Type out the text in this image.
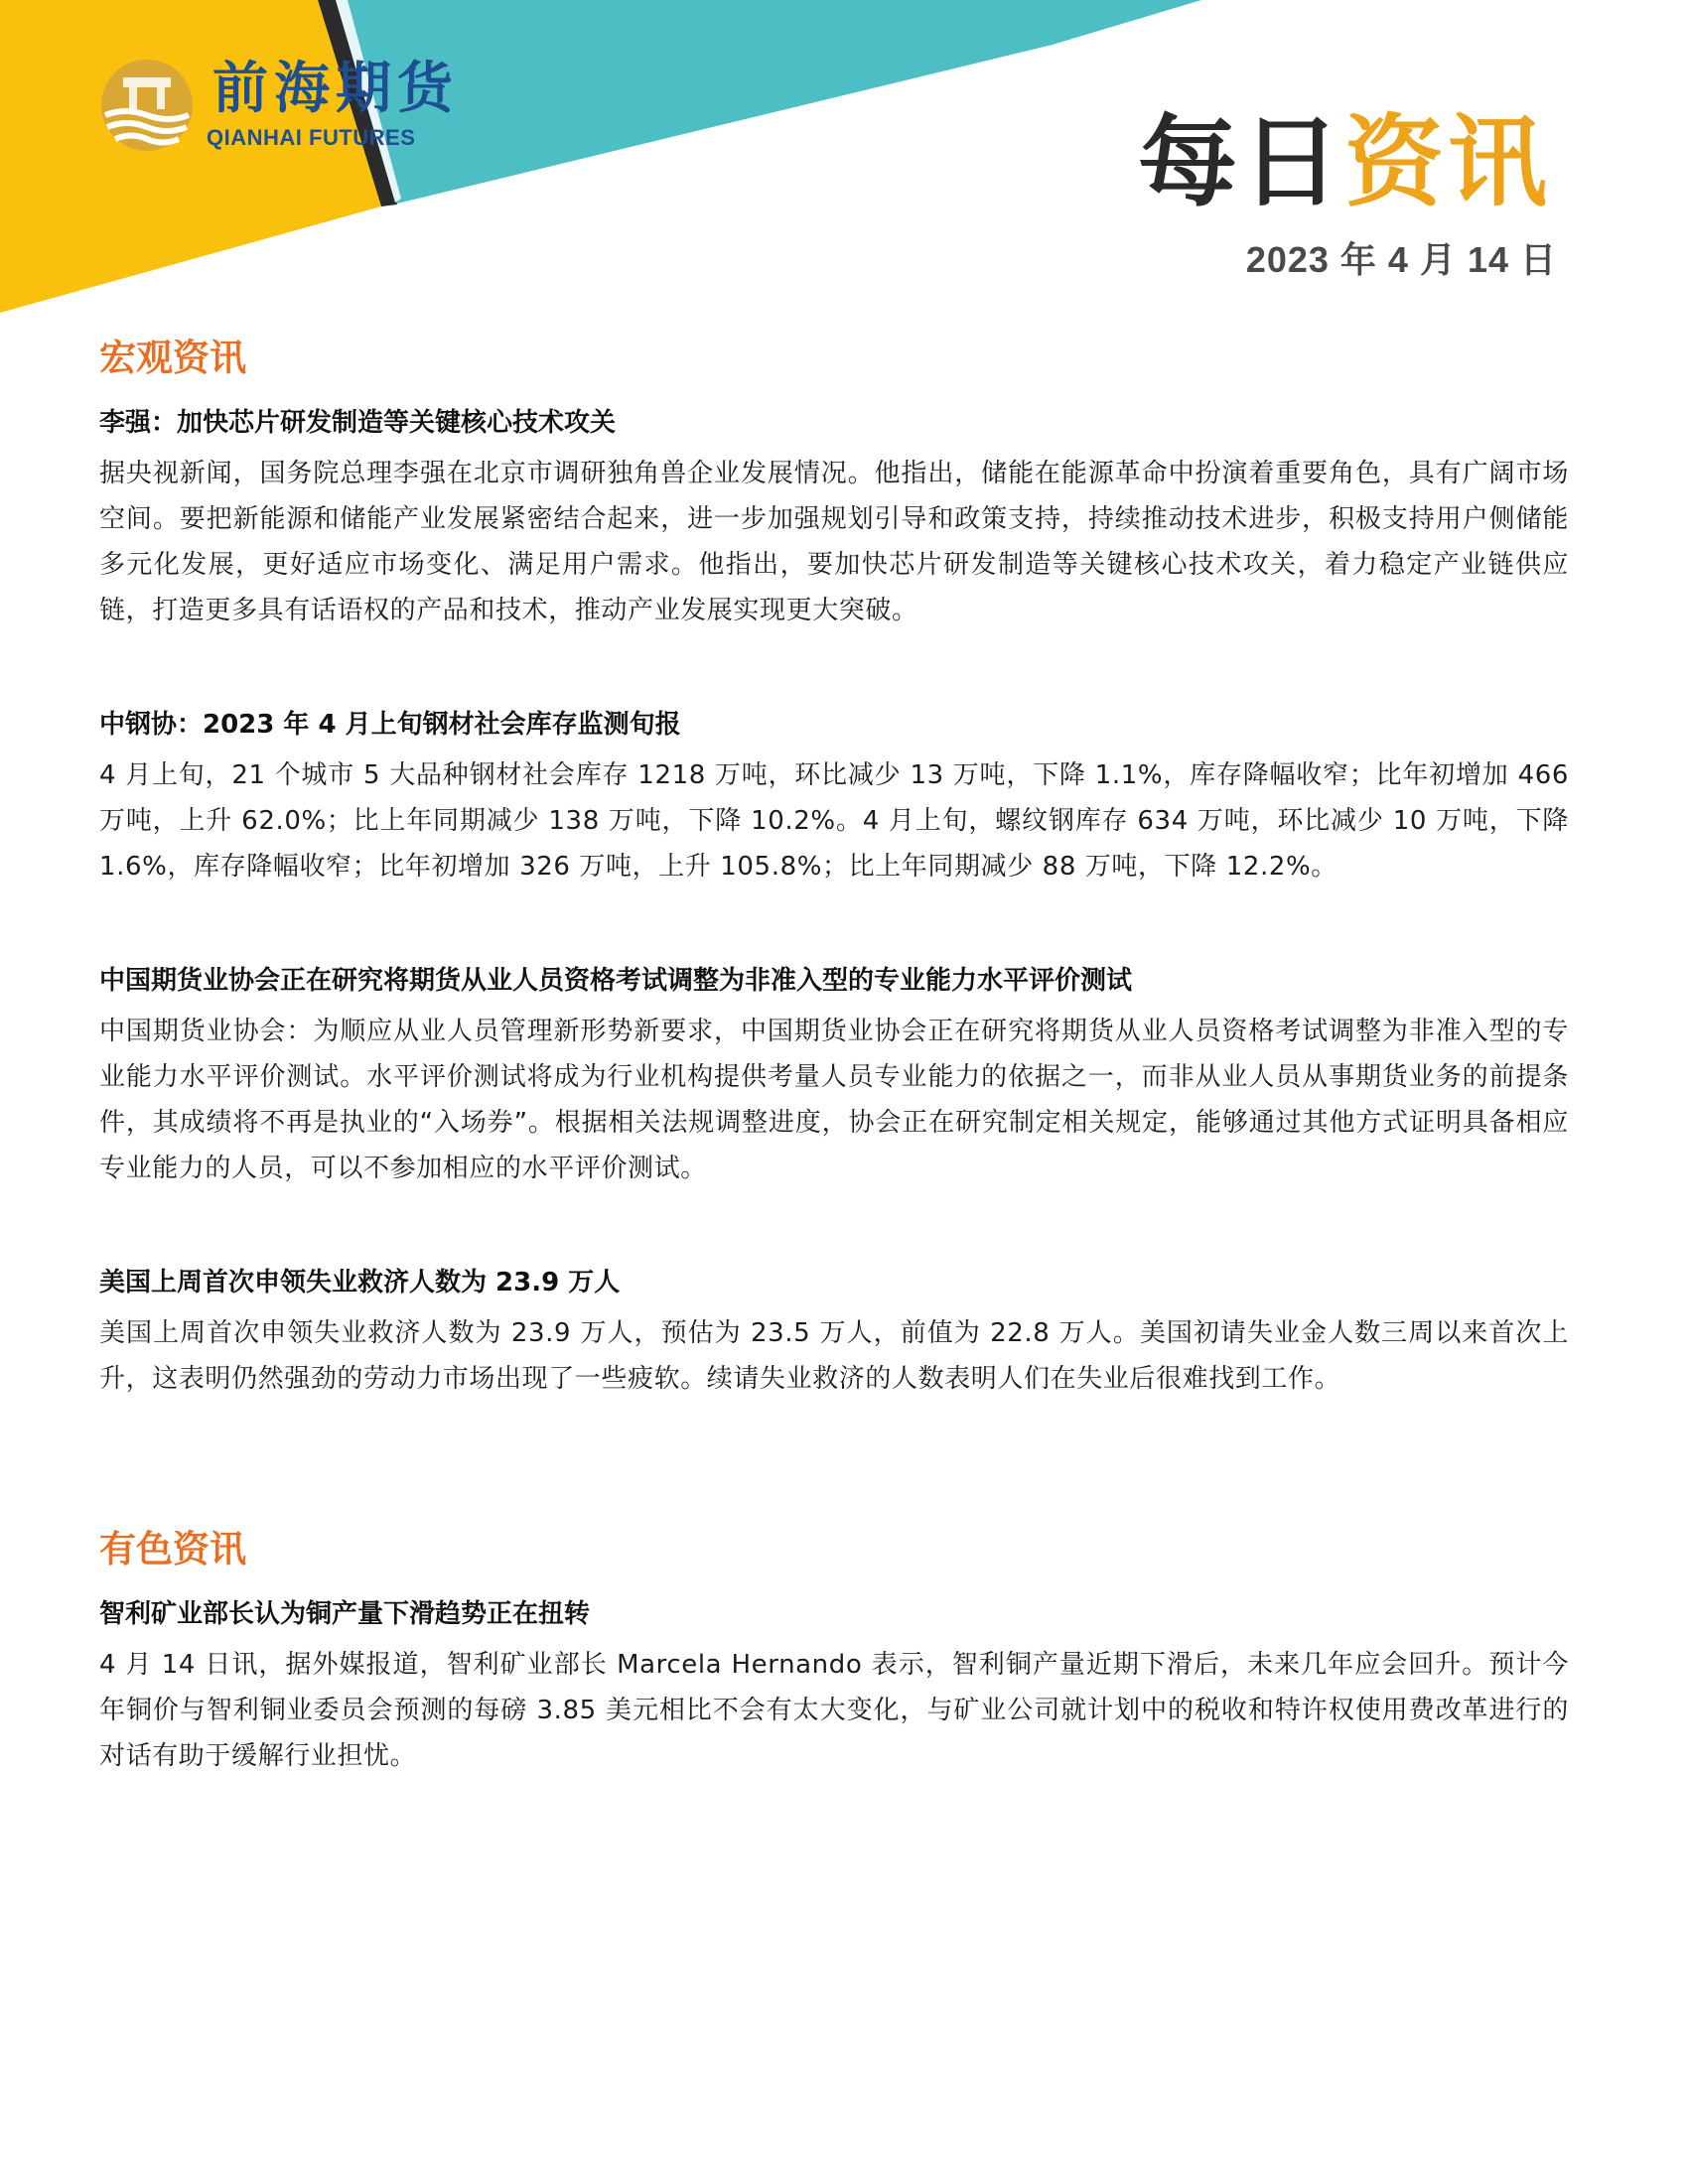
前海期货
QIANHAI FUTURES	每日资讯
2023 年 4 月 14 日
宏观资讯

李强：加快芯片研发制造等关键核心技术攻关

据央视新闻，国务院总理李强在北京市调研独角兽企业发展情况。他指出，储能在能源革命中扮演着重要角色，具有广阔市场空间。要把新能源和储能产业发展紧密结合起来，进一步加强规划引导和政策支持，持续推动技术进步，积极支持用户侧储能多元化发展，更好适应市场变化、满足用户需求。他指出，要加快芯片研发制造等关键核心技术攻关，着力稳定产业链供应链，打造更多具有话语权的产品和技术，推动产业发展实现更大突破。

中钢协：2023 年 4 月上旬钢材社会库存监测旬报

4 月上旬，21 个城市 5 大品种钢材社会库存 1218 万吨，环比减少 13 万吨，下降 1.1%，库存降幅收窄；比年初增加 466 万吨，上升 62.0%；比上年同期减少 138 万吨，下降 10.2%。4 月上旬，螺纹钢库存 634 万吨，环比减少 10 万吨，下降 1.6%，库存降幅收窄；比年初增加 326 万吨，上升 105.8%；比上年同期减少 88 万吨，下降 12.2%。

中国期货业协会正在研究将期货从业人员资格考试调整为非准入型的专业能力水平评价测试

中国期货业协会：为顺应从业人员管理新形势新要求，中国期货业协会正在研究将期货从业人员资格考试调整为非准入型的专业能力水平评价测试。水平评价测试将成为行业机构提供考量人员专业能力的依据之一，而非从业人员从事期货业务的前提条件，其成绩将不再是执业的“入场券”。根据相关法规调整进度，协会正在研究制定相关规定，能够通过其他方式证明具备相应专业能力的人员，可以不参加相应的水平评价测试。

美国上周首次申领失业救济人数为 23.9 万人

美国上周首次申领失业救济人数为 23.9 万人，预估为 23.5 万人，前值为 22.8 万人。美国初请失业金人数三周以来首次上升，这表明仍然强劲的劳动力市场出现了一些疲软。续请失业救济的人数表明人们在失业后很难找到工作。

有色资讯

智利矿业部长认为铜产量下滑趋势正在扭转

4 月 14 日讯，据外媒报道，智利矿业部长 Marcela Hernando 表示，智利铜产量近期下滑后，未来几年应会回升。预计今年铜价与智利铜业委员会预测的每磅 3.85 美元相比不会有太大变化，与矿业公司就计划中的税收和特许权使用费改革进行的对话有助于缓解行业担忧。
